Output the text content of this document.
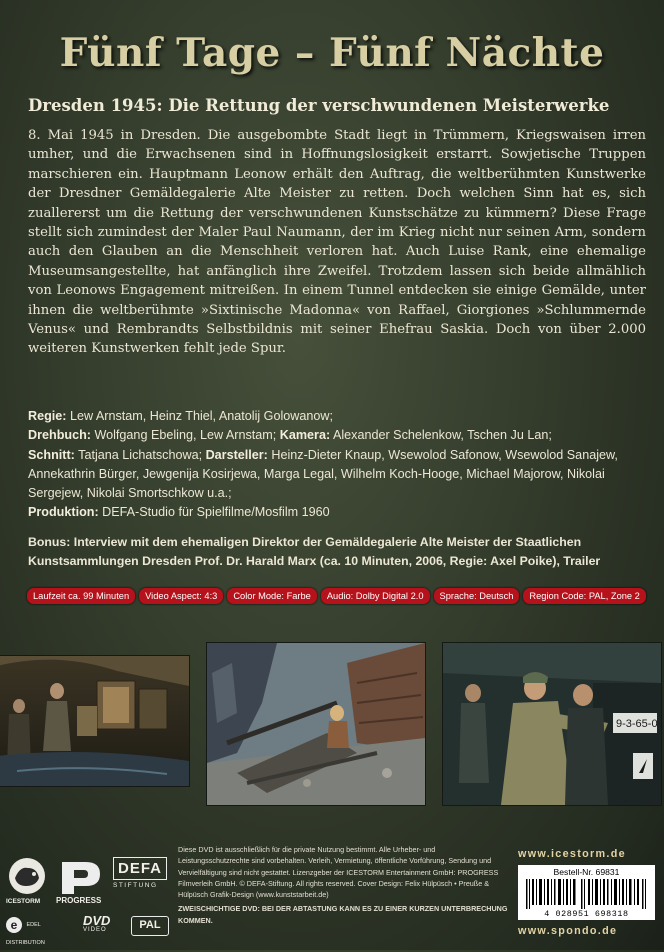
Fünf Tage – Fünf Nächte
Dresden 1945: Die Rettung der verschwundenen Meisterwerke

8. Mai 1945 in Dresden. Die ausgebombte Stadt liegt in Trümmern, Kriegswaisen irren umher, und die Erwachsenen sind in Hoffnungslosigkeit erstarrt. Sowjetische Truppen marschieren ein. Hauptmann Leonow erhält den Auftrag, die weltberühmten Kunstwerke der Dresdner Gemäldegalerie Alte Meister zu retten. Doch welchen Sinn hat es, sich zuallererst um die Rettung der verschwundenen Kunstschätze zu kümmern? Diese Frage stellt sich zumindest der Maler Paul Naumann, der im Krieg nicht nur seinen Arm, sondern auch den Glauben an die Menschheit verloren hat. Auch Luise Rank, eine ehemalige Museumsangestellte, hat anfänglich ihre Zweifel. Trotzdem lassen sich beide allmählich von Leonows Engagement mitreißen. In einem Tunnel entdecken sie einige Gemälde, unter ihnen die weltberühmte »Sixtinische Madonna« von Raffael, Giorgiones »Schlummernde Venus« und Rembrandts Selbstbildnis mit seiner Ehefrau Saskia. Doch von über 2.000 weiteren Kunstwerken fehlt jede Spur.

Regie: Lew Arnstam, Heinz Thiel, Anatolij Golowanow;
Drehbuch: Wolfgang Ebeling, Lew Arnstam; Kamera: Alexander Schelenkow, Tschen Ju Lan;
Schnitt: Tatjana Lichatschowa; Darsteller: Heinz-Dieter Knaup, Wsewolod Safonow, Wsewolod Sanajew, Annekathrin Bürger, Jewgenija Kosirjewa, Marga Legal, Wilhelm Koch-Hooge, Michael Majorow, Nikolai Sergejew, Nikolai Smortschkow u.a.;
Produktion: DEFA-Studio für Spielfilme/Mosfilm 1960
Bonus: Interview mit dem ehemaligen Direktor der Gemäldegalerie Alte Meister der Staatlichen Kunstsammlungen Dresden Prof. Dr. Harald Marx (ca. 10 Minuten, 2006, Regie: Axel Poike), Trailer
Laufzeit ca. 99 Minuten	Video Aspect: 4:3	Color Mode: Farbe	Audio: Dolby Digital 2.0	Sprache: Deutsch	Region Code: PAL, Zone 2
9-3-65-0
ICESTORM PROGRESS
DEFA
STIFTUNG
e EDEL DISTRIBUTION
DVD
VIDEO	PAL
Diese DVD ist ausschließlich für die private Nutzung bestimmt. Alle Urheber- und Leistungsschutzrechte sind vorbehalten. Verleih, Vermietung, öffentliche Vorführung, Sendung und Vervielfältigung sind nicht gestattet. Lizenzgeber der ICESTORM Entertainment GmbH: PROGRESS Filmverleih GmbH. © DEFA-Stiftung. All rights reserved. Cover Design: Felix Hülpüsch • Preuße & Hülpüsch Grafik-Design (www.kunststarbeit.de)
ZWEISCHICHTIGE DVD: BEI DER ABTASTUNG KANN ES ZU EINER KURZEN UNTERBRECHUNG KOMMEN.
www.icestorm.de
Bestell-Nr. 69831
4 028951 698318
www.spondo.de
